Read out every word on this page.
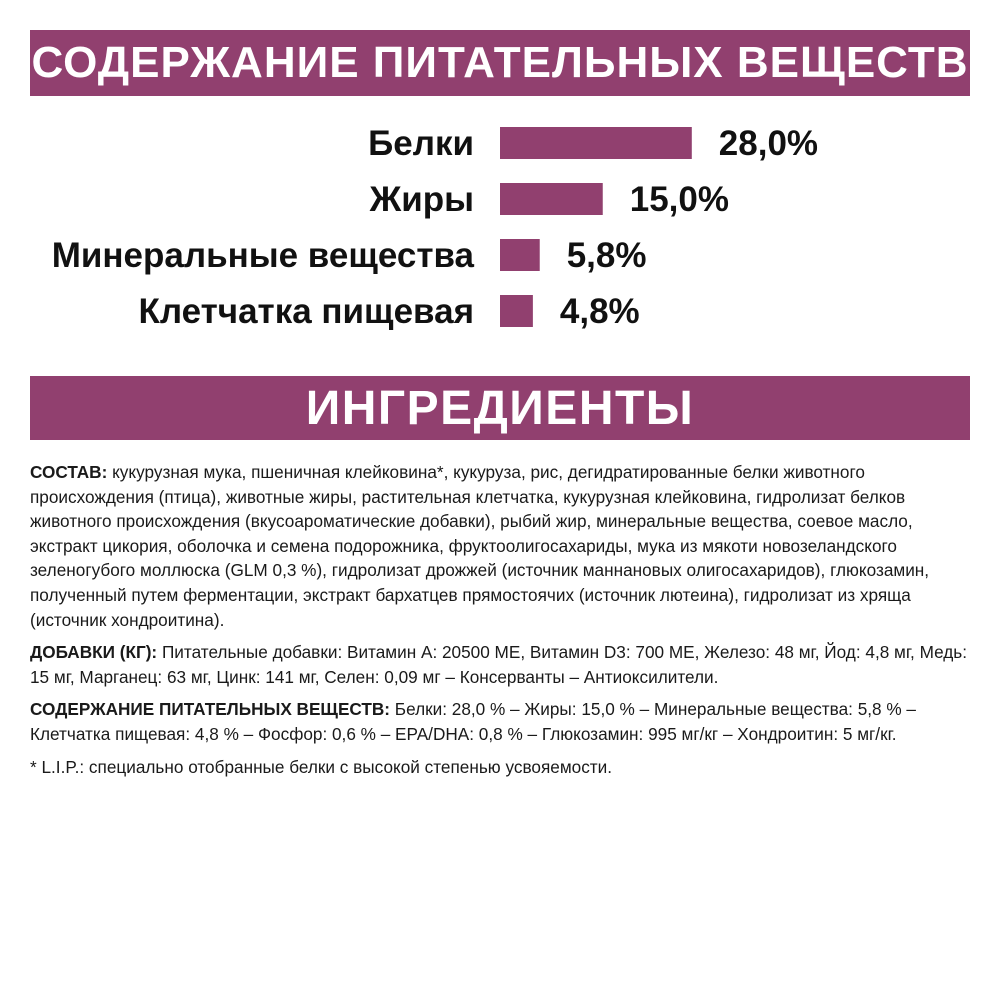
СОДЕРЖАНИЕ ПИТАТЕЛЬНЫХ ВЕЩЕСТВ
Белки	28,0%
Жиры	15,0%
Минеральные вещества	5,8%
Клетчатка пищевая 4,8%
ИНГРЕДИЕНТЫ

СОСТАВ: кукурузная мука, пшеничная клейковина*, кукуруза, рис, дегидратированные белки животного происхождения (птица), животные жиры, растительная клетчатка, кукурузная клейковина, гидролизат белков животного происхождения (вкусоароматические добавки), рыбий жир, минеральные вещества, соевое масло, экстракт цикория, оболочка и семена подорожника, фруктоолигосахариды, мука из мякоти новозеландского зеленогубого моллюска (GLM 0,3 %), гидролизат дрожжей (источник маннановых олигосахаридов), глюкозамин, полученный путем ферментации, экстракт бархатцев прямостоячих (источник лютеина), гидролизат из хряща (источник хондроитина).

ДОБАВКИ (КГ): Питательные добавки: Витамин А: 20500 МЕ, Витамин D3: 700 МЕ, Железо: 48 мг, Йод: 4,8 мг, Медь: 15 мг, Марганец: 63 мг, Цинк: 141 мг, Селен: 0,09 мг – Консерванты – Антиоксилители.

СОДЕРЖАНИЕ ПИТАТЕЛЬНЫХ ВЕЩЕСТВ: Белки: 28,0 % – Жиры: 15,0 % – Минеральные вещества: 5,8 % – Клетчатка пищевая: 4,8 % – Фосфор: 0,6 % – EPA/DHA: 0,8 % – Глюкозамин: 995 мг/кг – Хондроитин: 5 мг/кг.

* L.I.P.: специально отобранные белки с высокой степенью усвояемости.
